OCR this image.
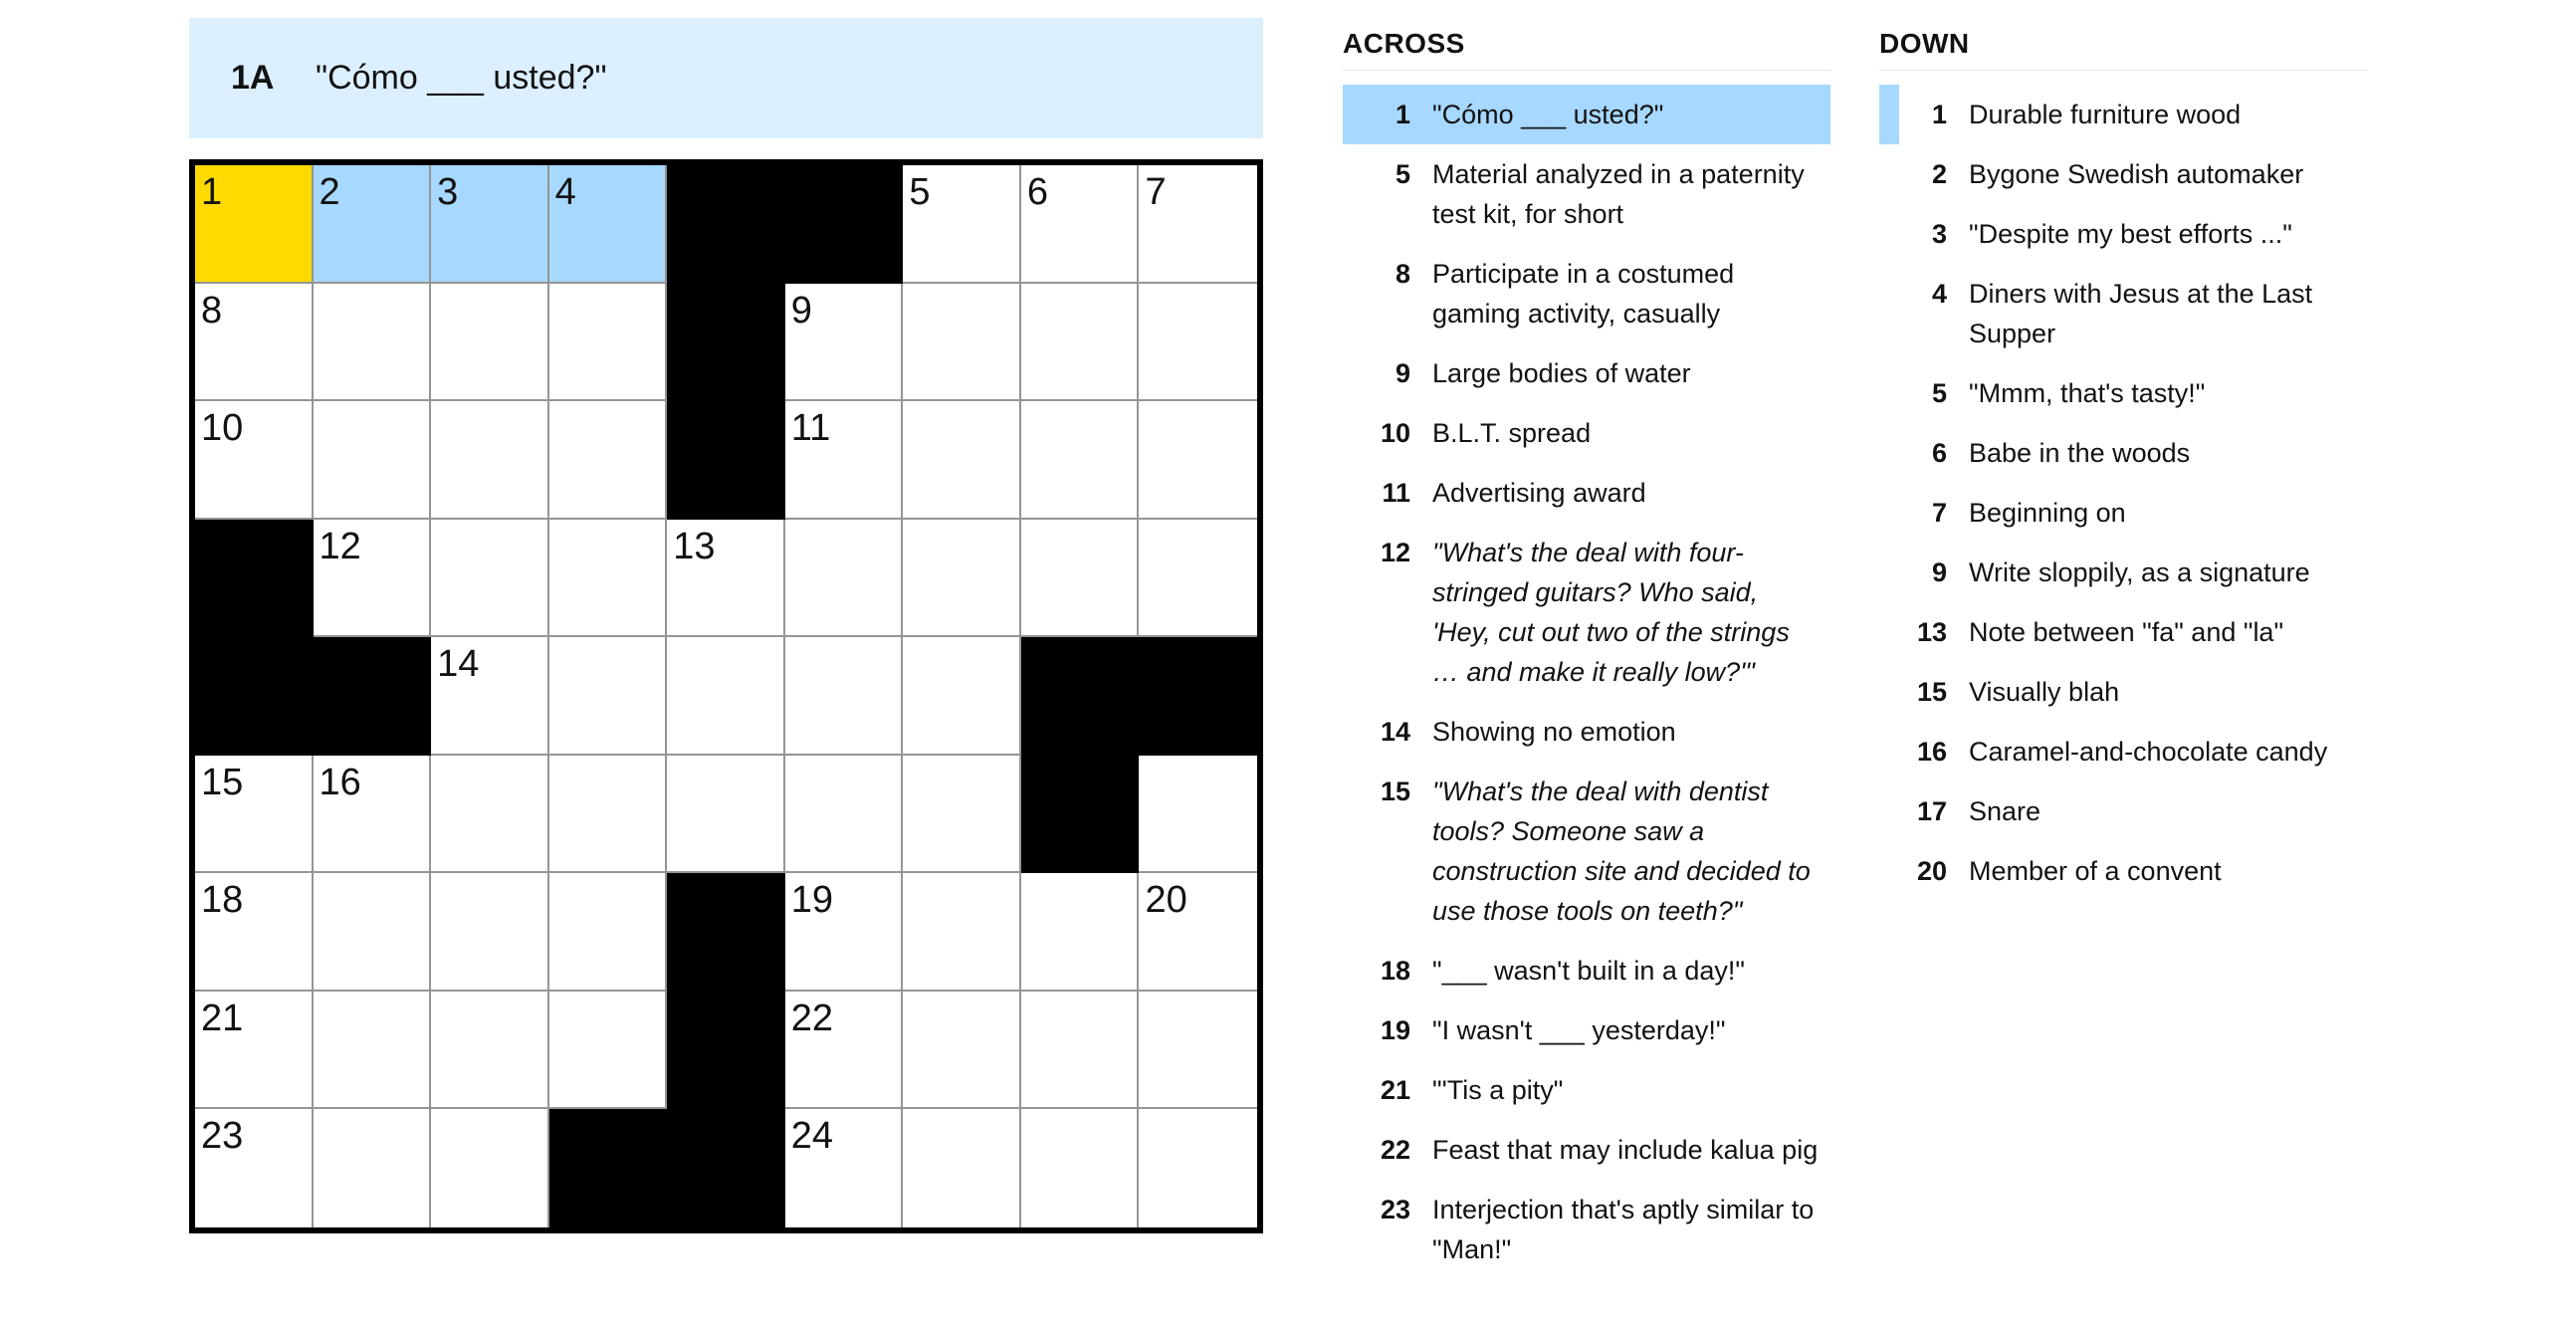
1A	"Cómo ___ usted?"
1	2	3	4	5	6	7
8	9
10	11
12	13
14
15 16
18	19	20
21	22
23	24
ACROSS
1 "Cómo ___ usted?"
5 Material analyzed in a paternity test kit, for short
8 Participate in a costumed gaming activity, casually
9 Large bodies of water
10 B.L.T. spread
11 Advertising award
12 "What's the deal with four-stringed guitars? Who said, 'Hey, cut out two of the strings … and make it really low?'"
14 Showing no emotion
15 "What's the deal with dentist tools? Someone saw a construction site and decided to use those tools on teeth?"
18 "___ wasn't built in a day!"
19 "I wasn't ___ yesterday!"
21 "'Tis a pity"
22 Feast that may include kalua pig
23 Interjection that's aptly similar to "Man!"
DOWN
1 Durable furniture wood
2 Bygone Swedish automaker
3 "Despite my best efforts ..."
4 Diners with Jesus at the Last Supper
5 "Mmm, that's tasty!"
6 Babe in the woods
7 Beginning on
9 Write sloppily, as a signature
13 Note between "fa" and "la"
15 Visually blah
16 Caramel-and-chocolate candy
17 Snare
20 Member of a convent
